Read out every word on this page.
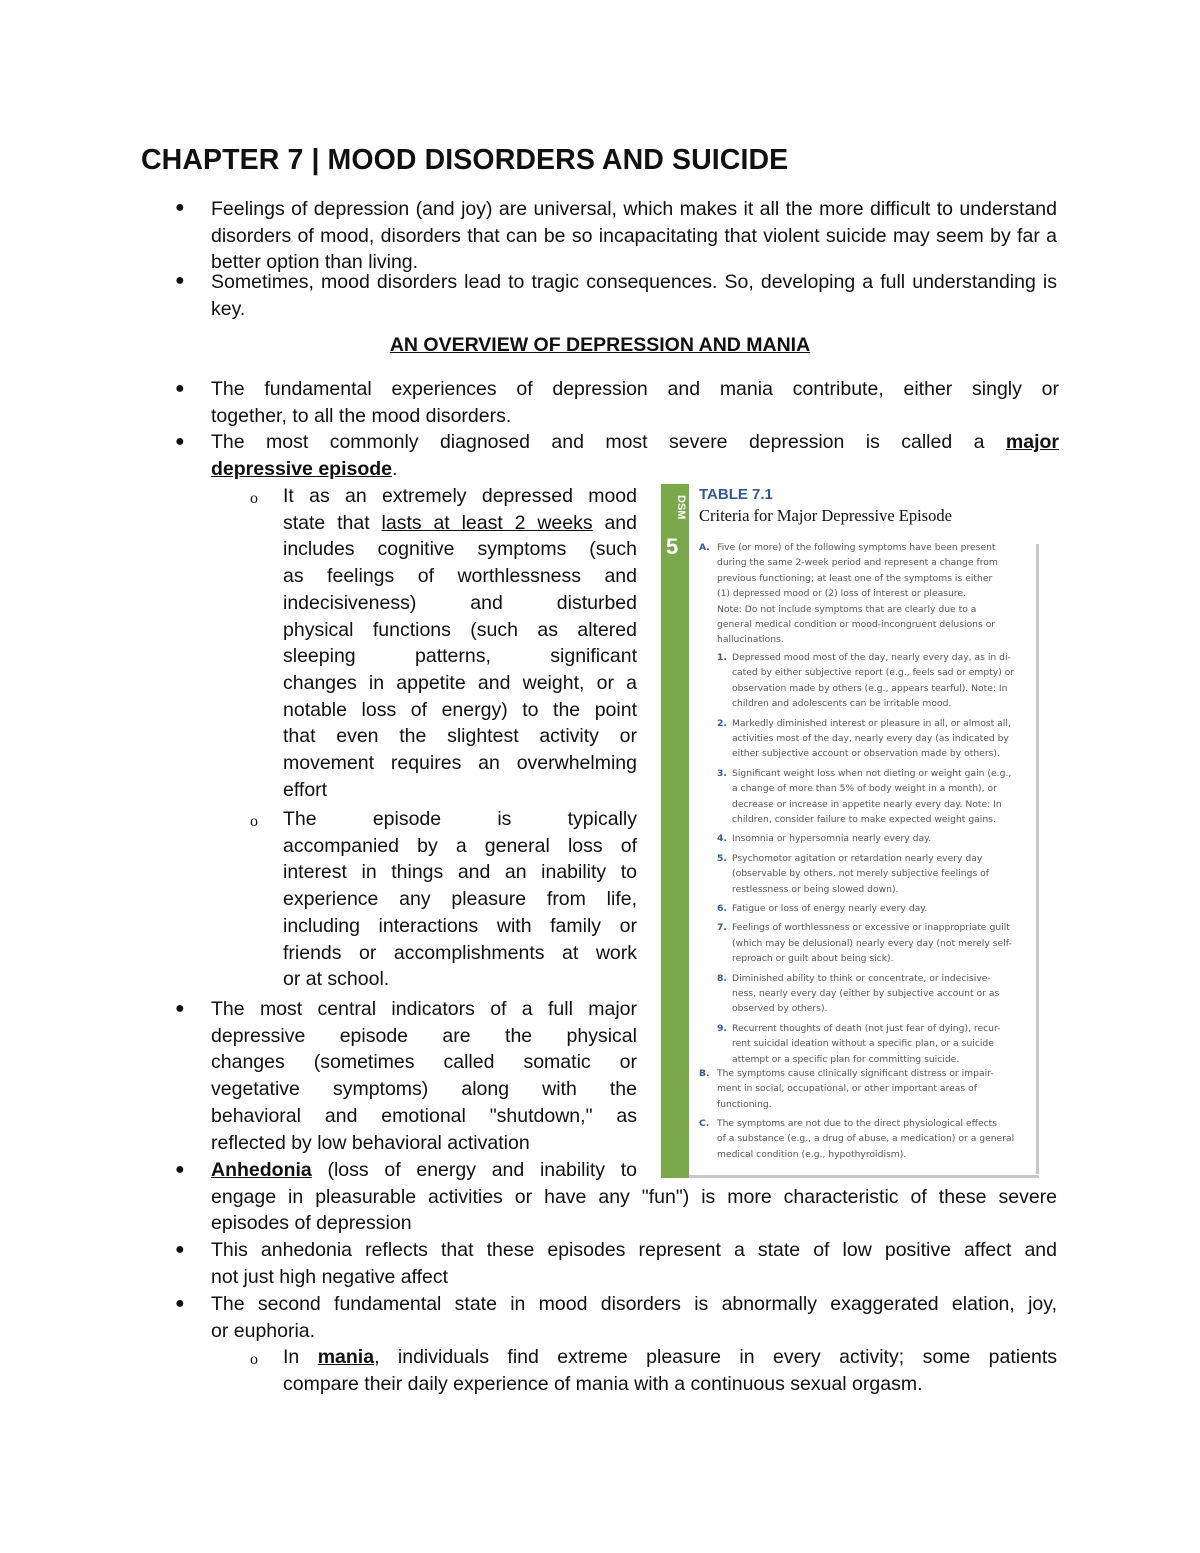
CHAPTER 7 | MOOD DISORDERS AND SUICIDE
● Feelings of depression (and joy) are universal, which makes it all the more difficult to understand
disorders of mood, disorders that can be so incapacitating that violent suicide may seem by far a
better option than living.
● Sometimes, mood disorders lead to tragic consequences. So, developing a full understanding is
key.
AN OVERVIEW OF DEPRESSION AND MANIA
● The fundamental experiences of depression and mania contribute, either singly or
together, to all the mood disorders.
● The most commonly diagnosed and most severe depression is called a major
depressive episode.
o It as an extremely depressed mood
state that lasts at least 2 weeks and
includes cognitive symptoms (such
as feelings of worthlessness and
indecisiveness) and disturbed
physical functions (such as altered
sleeping patterns, significant
changes in appetite and weight, or a
notable loss of energy) to the point
that even the slightest activity or
movement requires an overwhelming
effort
o The episode is typically
accompanied by a general loss of
interest in things and an inability to
experience any pleasure from life,
including interactions with family or
friends or accomplishments at work
or at school.
● The most central indicators of a full major
depressive episode are the physical
changes (sometimes called somatic or
vegetative symptoms) along with the
behavioral and emotional "shutdown," as
reflected by low behavioral activation
● Anhedonia (loss of energy and inability to
engage in pleasurable activities or have any "fun") is more characteristic of these severe
episodes of depression
● This anhedonia reflects that these episodes represent a state of low positive affect and
not just high negative affect
● The second fundamental state in mood disorders is abnormally exaggerated elation, joy,
or euphoria.
o In mania, individuals find extreme pleasure in every activity; some patients
compare their daily experience of mania with a continuous sexual orgasm.
DSM
5
TABLE 7.1
Criteria for Major Depressive Episode
A. Five (or more) of the following symptoms have been present
during the same 2-week period and represent a change from
previous functioning; at least one of the symptoms is either
(1) depressed mood or (2) loss of interest or pleasure.
Note: Do not include symptoms that are clearly due to a
general medical condition or mood-incongruent delusions or
hallucinations.
1. Depressed mood most of the day, nearly every day, as in di-
cated by either subjective report (e.g., feels sad or empty) or
observation made by others (e.g., appears tearful). Note: In
children and adolescents can be irritable mood.
2. Markedly diminished interest or pleasure in all, or almost all,
activities most of the day, nearly every day (as indicated by
either subjective account or observation made by others).
3. Significant weight loss when not dieting or weight gain (e.g.,
a change of more than 5% of body weight in a month), or
decrease or increase in appetite nearly every day. Note: In
children, consider failure to make expected weight gains.
4. Insomnia or hypersomnia nearly every day.
5. Psychomotor agitation or retardation nearly every day
(observable by others, not merely subjective feelings of
restlessness or being slowed down).
6. Fatigue or loss of energy nearly every day.
7. Feelings of worthlessness or excessive or inappropriate guilt
(which may be delusional) nearly every day (not merely self-
reproach or guilt about being sick).
8. Diminished ability to think or concentrate, or indecisive-
ness, nearly every day (either by subjective account or as
observed by others).
9. Recurrent thoughts of death (not just fear of dying), recur-
rent suicidal ideation without a specific plan, or a suicide
attempt or a specific plan for committing suicide.
B. The symptoms cause clinically significant distress or impair-
ment in social, occupational, or other important areas of
functioning.
C. The symptoms are not due to the direct physiological effects
of a substance (e.g., a drug of abuse, a medication) or a general
medical condition (e.g., hypothyroidism).
